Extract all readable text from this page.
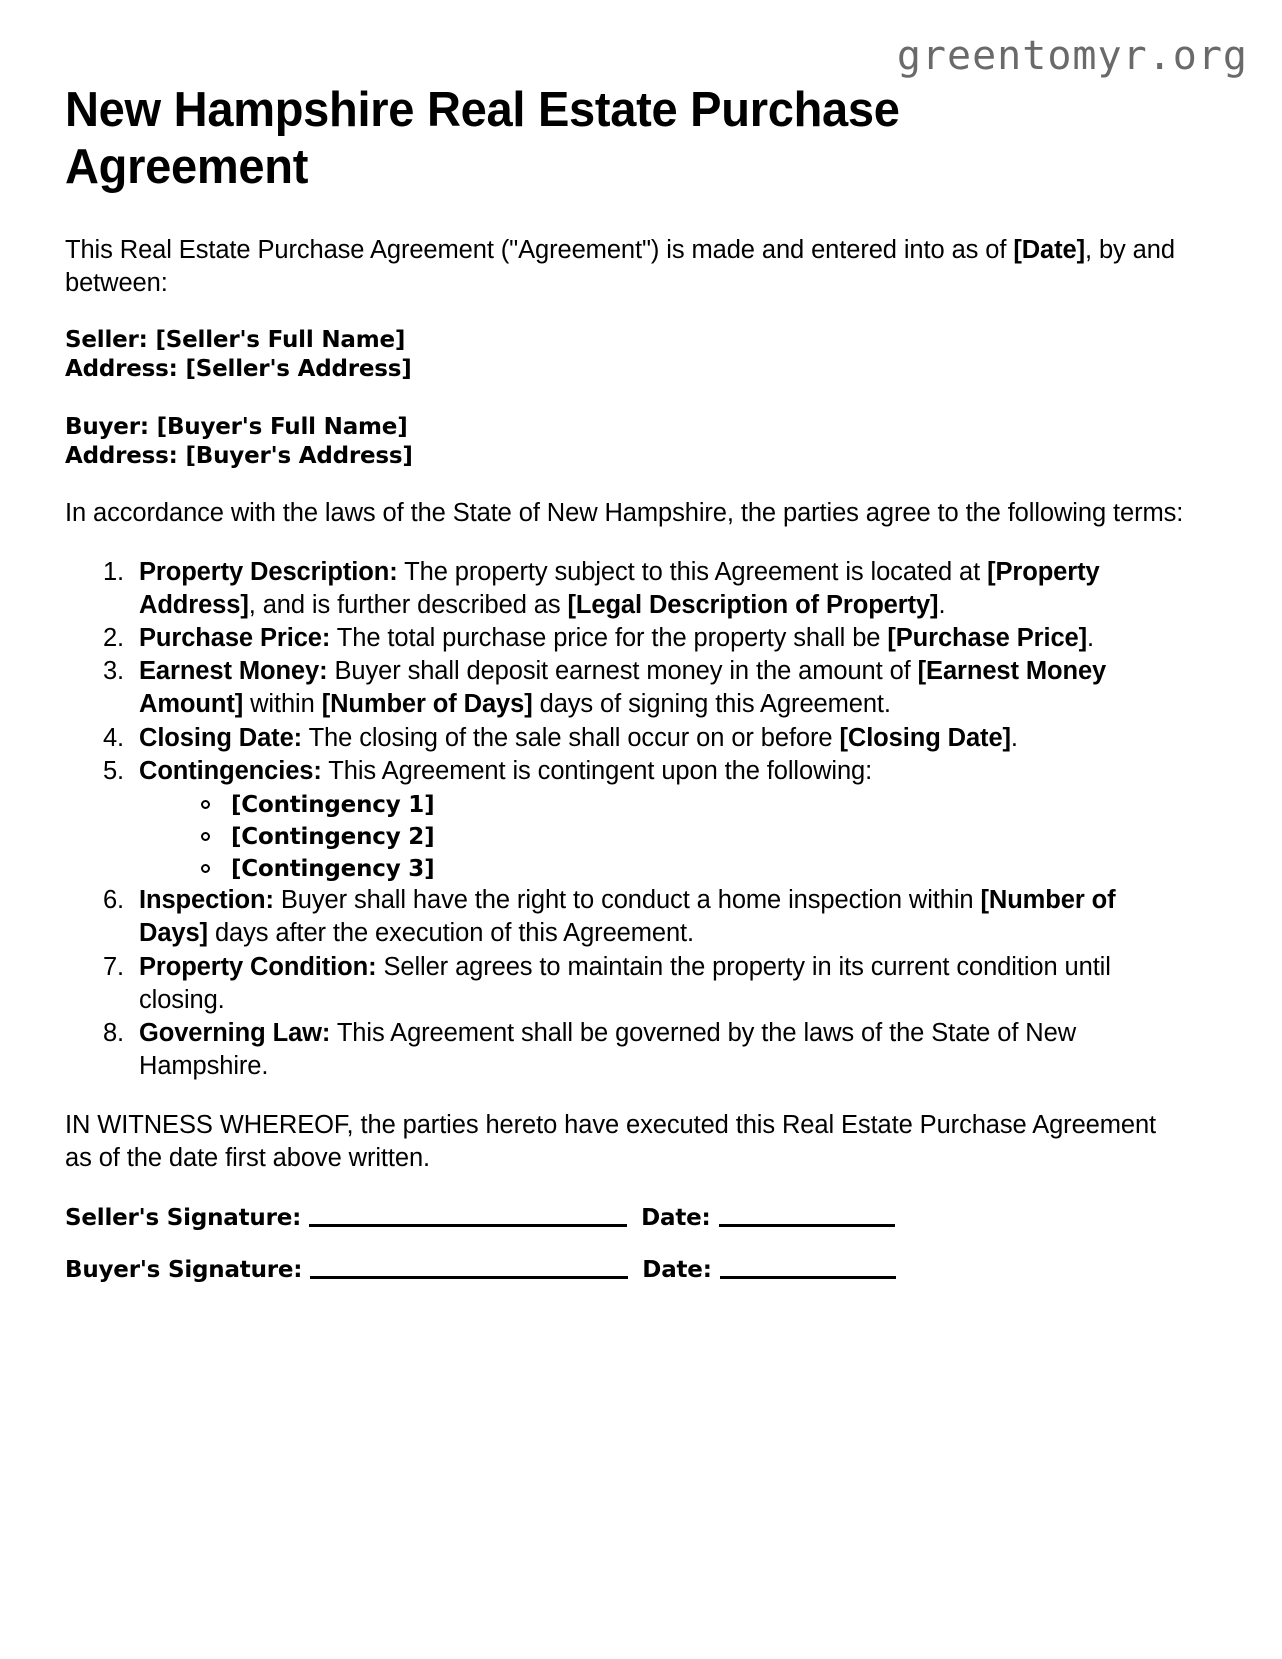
greentomyr.org
New Hampshire Real Estate Purchase Agreement

This Real Estate Purchase Agreement ("Agreement") is made and entered into as of [Date], by and between:

Seller: [Seller's Full Name]
Address: [Seller's Address]

Buyer: [Buyer's Full Name]
Address: [Buyer's Address]

In accordance with the laws of the State of New Hampshire, the parties agree to the following terms:

1. Property Description: The property subject to this Agreement is located at [Property Address], and is further described as [Legal Description of Property].
2. Purchase Price: The total purchase price for the property shall be [Purchase Price].
3. Earnest Money: Buyer shall deposit earnest money in the amount of [Earnest Money Amount] within [Number of Days] days of signing this Agreement.
4. Closing Date: The closing of the sale shall occur on or before [Closing Date].
5. Contingencies: This Agreement is contingent upon the following:
[Contingency 1]
[Contingency 2]
[Contingency 3]
6. Inspection: Buyer shall have the right to conduct a home inspection within [Number of Days] days after the execution of this Agreement.
7. Property Condition: Seller agrees to maintain the property in its current condition until closing.
8. Governing Law: This Agreement shall be governed by the laws of the State of New Hampshire.

IN WITNESS WHEREOF, the parties hereto have executed this Real Estate Purchase Agreement as of the date first above written.

Seller's Signature:	Date:
Buyer's Signature:	Date:
